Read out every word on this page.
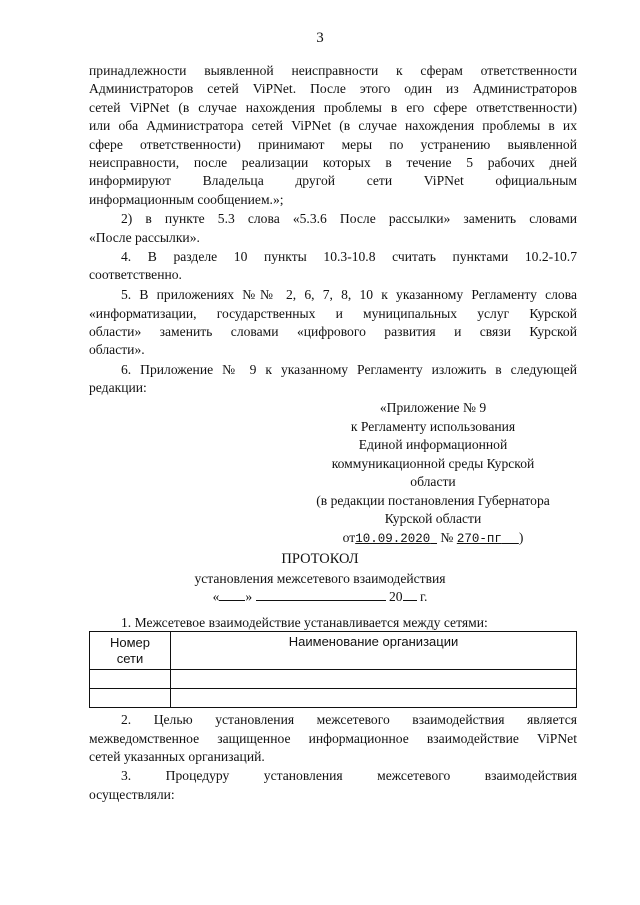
3
принадлежности выявленной неисправности к сферам ответственности
Администраторов сетей ViPNet. После этого один из Администраторов
сетей ViPNet (в случае нахождения проблемы в его сфере ответственности)
или оба Администратора сетей ViPNet (в случае нахождения проблемы в их
сфере ответственности) принимают меры по устранению выявленной
неисправности, после реализации которых в течение 5 рабочих дней
информируют Владельца другой сети ViPNet официальным
информационным сообщением.»;
2) в пункте 5.3 слова «5.3.6 После рассылки» заменить словами
«После рассылки».
4. В разделе 10 пункты 10.3-10.8 считать пунктами 10.2-10.7
соответственно.
5. В приложениях №№ 2, 6, 7, 8, 10 к указанному Регламенту слова
«информатизации, государственных и муниципальных услуг Курской
области» заменить словами «цифрового развития и связи Курской
области».
6. Приложение № 9 к указанному Регламенту изложить в следующей
редакции:
«Приложение № 9
к Регламенту использования
Единой информационной
коммуникационной среды Курской
области
(в редакции постановления Губернатора
Курской области
от10.09.2020 № 270-пг )
ПРОТОКОЛ
установления межсетевого взаимодействия
« »	20 г.
1. Межсетевое взаимодействие устанавливается между сетями:
Номер
сети	Наименование организации

2. Целью установления межсетевого взаимодействия является
межведомственное защищенное информационное взаимодействие ViPNet
сетей указанных организаций.
3. Процедуру установления межсетевого взаимодействия
осуществляли:
